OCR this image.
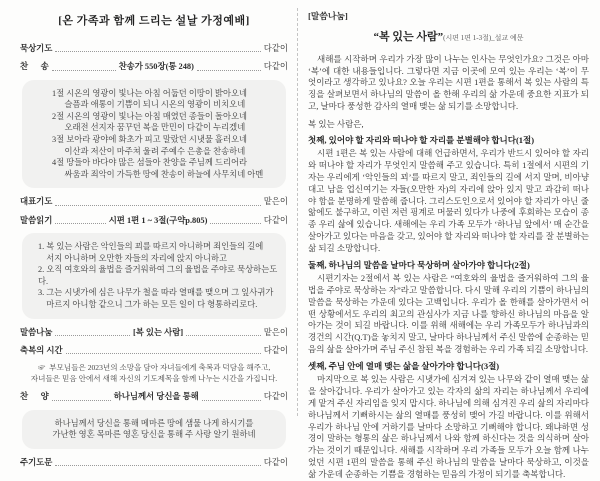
[온 가족과 함께 드리는 설날 가정예배]
묵상기도	다같이
찬      송	찬송가 550장(통 248)	다같이
1절 시온의 영광이 빛나는 아침 어둡던 이땅이 밝아오네
슬픔과 애통이 기쁨이 되니 시온의 영광이 비치오네
2절 시온의 영광이 빛나는 아침 매였던 종들이 돌아오네
오래전 선지자 꿈꾸던 복을 만민이 다같이 누리겠네
3절 보아라 광야에 화초가 피고 말랐던 시냇물 흘러오네
이산과 저산이 마주쳐 울려 주예수 은총을 찬송하네
4절 땅들아 바다야 많은 섬들아 찬양을 주님께 드리어라
싸움과 죄악이 가득한 땅에 찬송이 하늘에 사무치네 아멘
대표기도	맡은이
말씀읽기	시편 1편 1 ~ 3절(구약p.805)	다같이
1. 복 있는 사람은 악인들의 꾀를 따르지 아니하며 죄인들의 길에
서지 아니하며 오만한 자들의 자리에 앉지 아니하고
2. 오직 여호와의 율법을 즐거워하여 그의 율법을 주야로 묵상하는도다.
3. 그는 시냇가에 심은 나무가 철을 따라 열매를 맺으며 그 잎사귀가
마르지 아니함 같으니 그가 하는 모든 일이 다 형통하리로다.
말씀나눔	[복 있는 사람]	맡은이
축복의 시간	다같이
☞  부모님들은 2023년의 소망을 담아 자녀들에게 축복과 덕담을 해주고,
자녀들은 믿음 안에서 새해 자신의 기도제목을 함께 나누는 시간을 가집니다.
찬      양	하나님께서 당신을 통해	다같이
하나님께서 당신을 통해 메마른 땅에 샘물 나게 하시기를
가난한 영혼 목마른 영혼 당신을 통해 주 사랑 알기 원하네
주기도문	다같이
[말씀나눔]
“복 있는 사람”(시편 1편 1-3절)_설교 예문
새해를 시작하며 우리가 가장 많이 나누는 인사는 무엇인가요? 그것은 아마 ‘복’에 대한 내용들입니다. 그렇다면 지금 이곳에 모여 있는 우리는 ‘복’이 무엇이라고 생각하고 있나요? 오늘 우리는 시편 1편을 통해서 복 있는 사람의 특징을 살펴보면서 하나님의 말씀이 올 한해 우리의 삶 가운데 중요한 지표가 되고, 날마다 풍성한 감사의 열매 맺는 삶 되기를 소망합니다.
복 있는 사람은,
첫째, 있어야 할 자리와 떠나야 할 자리를 분별해야 합니다(1절)
시편 1편은 복 있는 사람에 대해 언급하면서, 우리가 반드시 있어야 할 자리와 떠나야 할 자리가 무엇인지 말씀해 주고 있습니다. 특히 1절에서 시편의 기자는 우리에게 ‘악인들의 꾀’를 따르지 말고, 죄인들의 길에 서지 말며, 비아냥대고 남을 업신여기는 자들(오만한 자)의 자리에 앉아 있지 말고 과감히 떠나야 함을 분명하게 말씀해 줍니다. 그리스도인으로서 있어야 할 자리가 아닌 줄 앎에도 불구하고, 이런 저런 핑계로 머물러 있다가 나중에 후회하는 모습이 종종 우리 삶에 있습니다. 새해에는 우리 가족 모두가 ‘하나님 앞에서’ 매 순간을 살아가고 있다는 마음을 갖고, 있어야 할 자리와 떠나야 할 자리를 잘 분별하는 삶 되길 소망합니다.
둘째, 하나님의 말씀을 날마다 묵상하며 살아가야 합니다(2절)
시편기자는 2절에서 복 있는 사람은 “여호와의 율법을 즐거워하여 그의 율법을 주야로 묵상하는 자”라고 말씀합니다. 다시 말해 우리의 기쁨이 하나님의 말씀을 묵상하는 가운데 있다는 고백입니다. 우리가 올 한해를 살아가면서 어떤 상황에서도 우리의 최고의 관심사가 지금 나를 향하신 하나님의 마음을 알아가는 것이 되길 바랍니다. 이를 위해 새해에는 우리 가족모두가 하나님과의 경건의 시간(Q.T)을 놓치지 말고, 날마다 하나님께서 주신 말씀에 순종하는 믿음의 삶을 살아가며 주님 주신 참된 복을 경험하는 우리 가족 되길 소망합니다.
셋째, 주님 안에 열매 맺는 삶을 살아가야 합니다(3절)
마지막으로 복 있는 사람은 시냇가에 심겨져 있는 나무와 같이 열매 맺는 삶을 살아갑니다. 우리가 살아가고 있는 각자의 삶의 자리는 하나님께서 우리에게 맡겨 주신 자리임을 잊지 맙시다. 하나님에 의해 심겨진 우리 삶의 자리마다 하나님께서 기뻐하시는 삶의 열매를 풍성히 맺어 가길 바랍니다. 이를 위해서 우리가 하나님 안에 거하기를 날마다 소망하고 기뻐해야 합니다. 왜냐하면 성경이 말하는 형통의 삶은 하나님께서 나와 함께 하신다는 것을 의식하며 살아가는 것이기 때문입니다. 새해를 시작하며 우리 가족들 모두가 오늘 함께 나누었던 시편 1편의 말씀을 통해 주신 하나님의 말씀을 날마다 묵상하고, 이것을 삶 가운데 순종하는 기쁨을 경험하는 믿음의 가정이 되기를 축복합니다.
